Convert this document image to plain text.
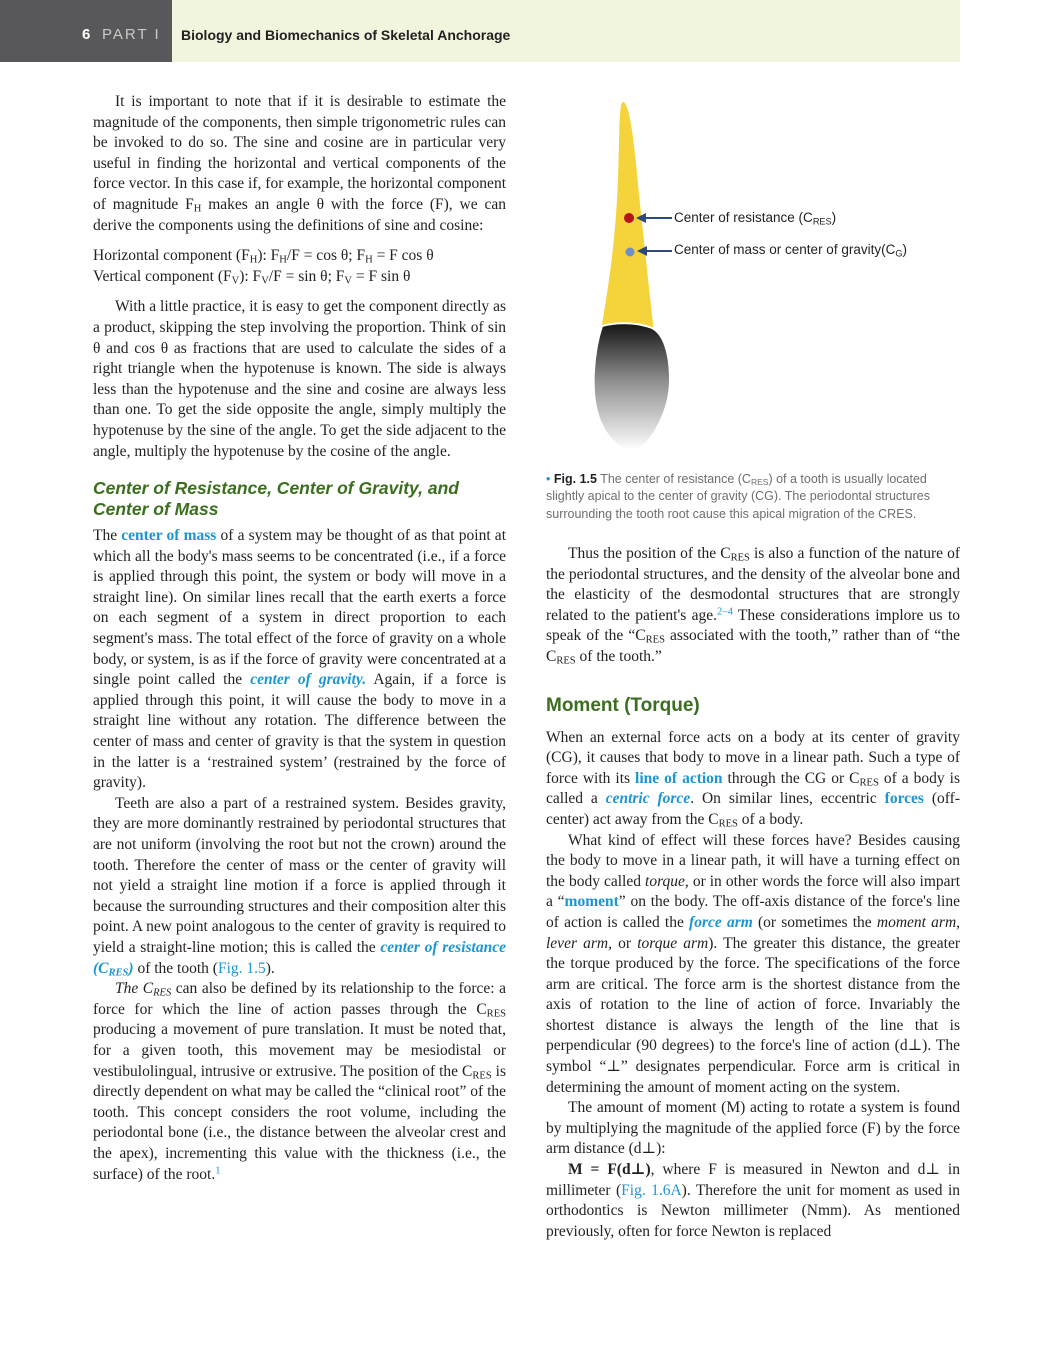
6 PART I Biology and Biomechanics of Skeletal Anchorage

It is important to note that if it is desirable to estimate the magnitude of the components, then simple trigonometric rules can be invoked to do so. The sine and cosine are in particular very useful in finding the horizontal and vertical components of the force vector. In this case if, for example, the horizontal component of magnitude $F_H$ makes an angle θ with the force (F), we can derive the components using the definitions of sine and cosine:

Horizontal component $(F_H)$: $F_H/F = \cos \theta$; $F_H = F$ cos θ

Vertical component $(F_V)$: $F_V/F = \sin \theta$; $F_V = F$ sin θ

With a little practice, it is easy to get the component directly as a product, skipping the step involving the proportion. Think of sin θ and cos θ as fractions that are used to calculate the sides of a right triangle when the hypotenuse is known. The side is always less than the hypotenuse and the sine and cosine are always less than one. To get the side opposite the angle, simply multiply the hypotenuse by the sine of the angle. To get the side adjacent to the angle, multiply the hypotenuse by the cosine of the angle.

Center of Resistance, Center of Gravity, and Center of Mass

The center of mass of a system may be thought of as that point at which all the body's mass seems to be concentrated (i.e., if a force is applied through this point, the system or body will move in a straight line). On similar lines recall that the earth exerts a force on each segment of a system in direct proportion to each segment's mass. The total effect of the force of gravity on a whole body, or system, is as if the force of gravity were concentrated at a single point called the center of gravity. Again, if a force is applied through this point, it will cause the body to move in a straight line without any rotation. The difference between the center of mass and center of gravity is that the system in question in the latter is a ‘restrained system’ (restrained by the force of gravity).

Teeth are also a part of a restrained system. Besides gravity, they are more dominantly restrained by periodontal structures that are not uniform (involving the root but not the crown) around the tooth. Therefore the center of mass or the center of gravity will not yield a straight line motion if a force is applied through it because the surrounding structures and their composition alter this point. A new point analogous to the center of gravity is required to yield a straight-line motion; this is called the center of resistance $(C_{RES})$ of the tooth (Fig. 1.5).

The $C_{RES}$ can also be defined by its relationship to the force: a force for which the line of action passes through the $C_{RES}$ producing a movement of pure translation. It must be noted that, for a given tooth, this movement may be mesiodistal or vestibulolingual, intrusive or extrusive. The position of the $C_{RES}$ is directly dependent on what may be called the “clinical root” of the tooth. This concept considers the root volume, including the periodontal bone (i.e., the distance between the alveolar crest and the apex), incrementing this value with the thickness (i.e., the surface) of the root.$^1$

Center of resistance $(C_{RES})$
Center of mass or center of $gravity(C_G)$
• Fig. 1.5 The center of resistance $(C_{RES})$ of a tooth is usually located slightly apical to the center of gravity (CG). The periodontal structures surrounding the tooth root cause this apical migration of the CRES.

Thus the position of the $C_{RES}$ is also a function of the nature of the periodontal structures, and the density of the alveolar bone and the elasticity of the desmodontal structures that are strongly related to the patient's age.$^{2-4}$ These considerations implore us to speak of the “$C_{RES}$ associated with the tooth,” rather than of “the $C_{RES}$ of the tooth.”

Moment (Torque)

When an external force acts on a body at its center of gravity (CG), it causes that body to move in a linear path. Such a type of force with its line of action through the CG or $C_{RES}$ of a body is called a centric force. On similar lines, eccentric forces (off-center) act away from the $C_{RES}$ of a body.

What kind of effect will these forces have? Besides causing the body to move in a linear path, it will have a turning effect on the body called torque, or in other words the force will also impart a “moment” on the body. The off-axis distance of the force's line of action is called the force arm (or sometimes the moment arm, lever arm, or torque arm). The greater this distance, the greater the torque produced by the force. The specifications of the force arm are critical. The force arm is the shortest distance from the axis of rotation to the line of action of force. Invariably the shortest distance is always the length of the line that is perpendicular (90 degrees) to the force's line of action (d⊥). The symbol “⊥” designates perpendicular. Force arm is critical in determining the amount of moment acting on the system.

The amount of moment (M) acting to rotate a system is found by multiplying the magnitude of the applied force (F) by the force arm distance (d⊥):

M = F(d⊥), where F is measured in Newton and d⊥ in millimeter (Fig. 1.6A). Therefore the unit for moment as used in orthodontics is Newton millimeter (Nmm). As mentioned previously, often for force Newton is replaced
